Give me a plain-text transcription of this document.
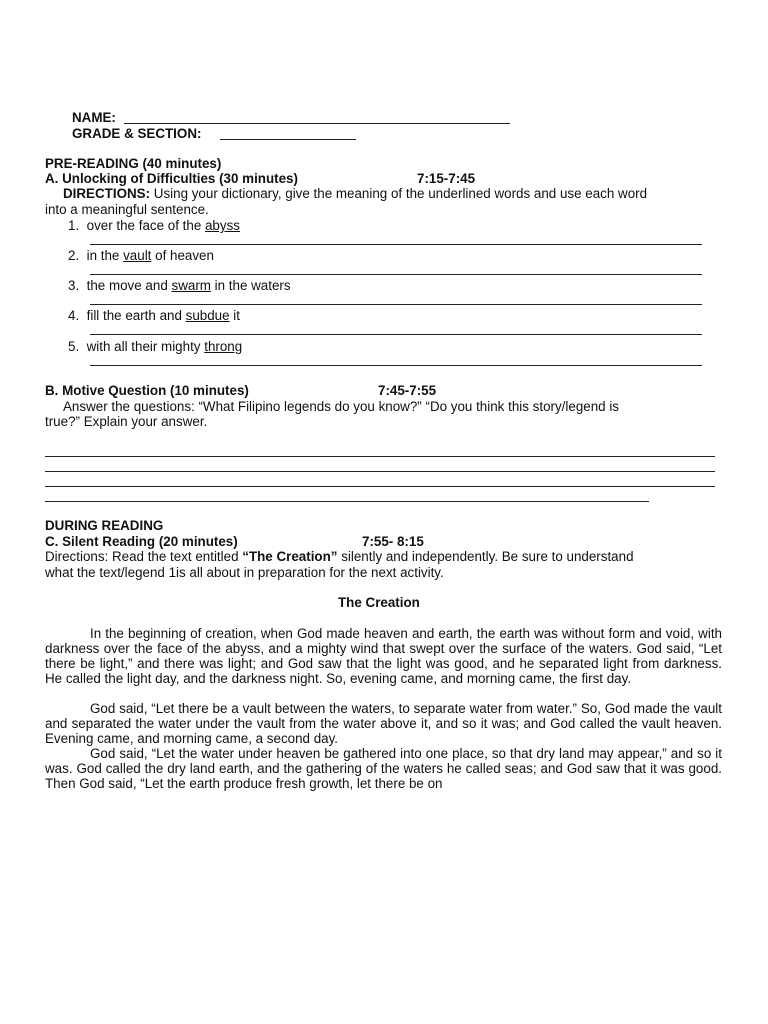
NAME:
GRADE & SECTION:
PRE-READING (40 minutes)
A. Unlocking of Difficulties (30 minutes)	7:15-7:45
DIRECTIONS: Using your dictionary, give the meaning of the underlined words and use each word
into a meaningful sentence.
1. over the face of the abyss
2. in the vault of heaven
3. the move and swarm in the waters
4. fill the earth and subdue it
5. with all their mighty throng
B. Motive Question (10 minutes)	7:45-7:55
Answer the questions: “What Filipino legends do you know?” “Do you think this story/legend is
true?” Explain your answer.
DURING READING
C. Silent Reading (20 minutes)	7:55- 8:15
Directions: Read the text entitled “The Creation” silently and independently. Be sure to understand
what the text/legend 1is all about in preparation for the next activity.
The Creation
In the beginning of creation, when God made heaven and earth, the earth was without form and void, with darkness over the face of the abyss, and a mighty wind that swept over the surface of the waters. God said, “Let there be light,” and there was light; and God saw that the light was good, and he separated light from darkness. He called the light day, and the darkness night. So, evening came, and morning came, the first day.
God said, “Let there be a vault between the waters, to separate water from water.” So, God made the vault and separated the water under the vault from the water above it, and so it was; and God called the vault heaven. Evening came, and morning came, a second day.
God said, “Let the water under heaven be gathered into one place, so that dry land may appear,” and so it was. God called the dry land earth, and the gathering of the waters he called seas; and God saw that it was good. Then God said, “Let the earth produce fresh growth, let there be on
